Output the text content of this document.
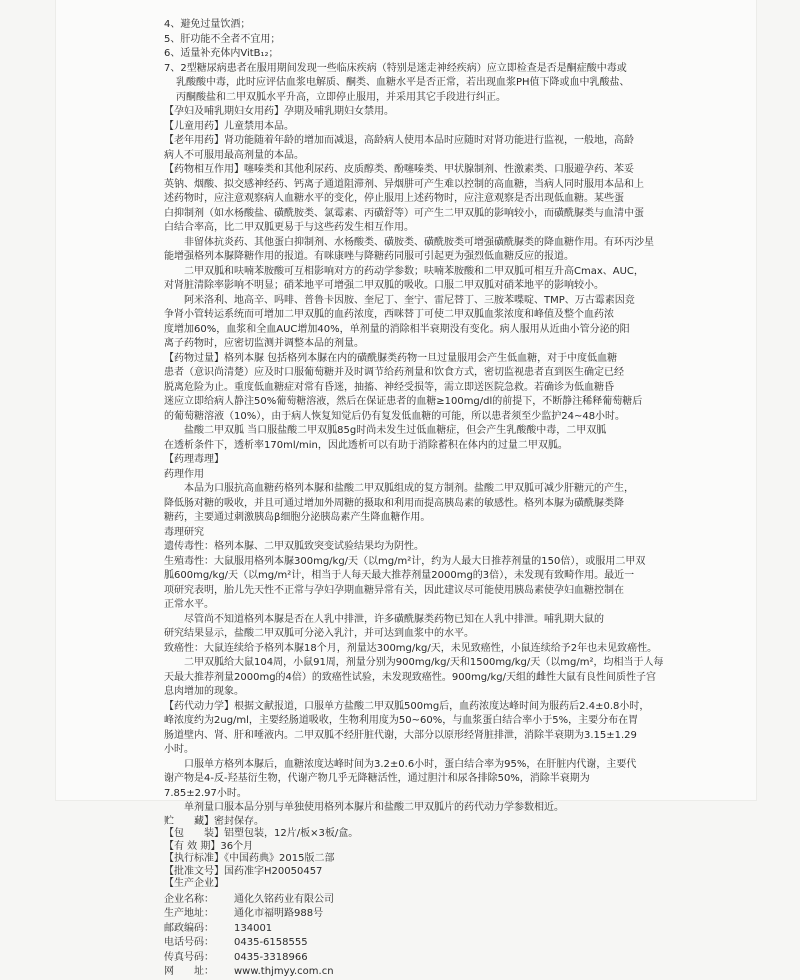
4、避免过量饮酒；
5、肝功能不全者不宜用；
6、适量补充体内VitB₁₂；
7、2型糖尿病患者在服用期间发现一些临床疾病（特别是迷走神经疾病）应立即检查是否是酮症酸中毒或
乳酸酸中毒，此时应评估血浆电解质、酮类、血糖水平是否正常，若出现血浆PH值下降或血中乳酸盐、
丙酮酸盐和二甲双胍水平升高，立即停止服用，并采用其它手段进行纠正。
【孕妇及哺乳期妇女用药】孕期及哺乳期妇女禁用。
【儿童用药】儿童禁用本品。
【老年用药】肾功能随着年龄的增加而减退，高龄病人使用本品时应随时对肾功能进行监视，一般地，高龄
病人不可服用最高剂量的本品。
【药物相互作用】噻嗪类和其他利尿药、皮质醇类、酚噻嗪类、甲状腺制剂、性激素类、口服避孕药、苯妥
英钠、烟酸、拟交感神经药、钙离子通道阻滞剂、异烟肼可产生难以控制的高血糖，当病人同时服用本品和上
述药物时，应注意观察病人血糖水平的变化，停止服用上述药物时，应注意观察是否出现低血糖。某些蛋
白抑制剂（如水杨酸盐、磺酰胺类、氯霉素、丙磺舒等）可产生二甲双胍的影响较小，而磺酰脲类与血清中蛋
白结合率高，比二甲双胍更易于与这些药发生相互作用。
非留体抗炎药、其他蛋白抑制剂、水杨酸类、磺胺类、磺酰胺类可增强磺酰脲类的降血糖作用。有环丙沙星
能增强格列本脲降糖作用的报道。有咪康唑与降糖药同服可引起更为强烈低血糖反应的报道。
二甲双胍和呋喃苯胺酸可互相影响对方的药动学参数；呋喃苯胺酸和二甲双胍可相互升高Cmax、AUC，
对肾脏清除率影响不明显；硝苯地平可增强二甲双胍的吸收。口服二甲双胍对硝苯地平的影响较小。
阿米洛利、地高辛、吗啡、普鲁卡因胺、奎尼丁、奎宁、雷尼替丁、三胺苯喋啶、TMP、万古霉素因竞
争肾小管转运系统而可增加二甲双胍的血药浓度，西咪替丁可使二甲双胍血浆浓度和峰值及整个血药浓
度增加60%，血浆和全血AUC增加40%，单剂量的消除相半衰期没有变化。病人服用从近曲小管分泌的阳
离子药物时，应密切监测并调整本品的剂量。
【药物过量】格列本脲 包括格列本脲在内的磺酰脲类药物一旦过量服用会产生低血糖，对于中度低血糖
患者（意识尚清楚）应及时口服葡萄糖并及时调节给药剂量和饮食方式，密切监视患者直到医生确定已经
脱离危险为止。重度低血糖症对常有昏迷，抽搐、神经受损等，需立即送医院急救。若确诊为低血糖昏
迷应立即给病人静注50%葡萄糖溶液，然后在保证患者的血糖≥100mg/dl的前提下，不断静注稀释葡萄糖后
的葡萄糖溶液（10%），由于病人恢复知觉后仍有复发低血糖的可能，所以患者须至少监护24~48小时。
盐酸二甲双胍 当口服盐酸二甲双胍85g时尚未发生过低血糖症，但会产生乳酸酸中毒，二甲双胍
在透析条件下，透析率170ml/min，因此透析可以有助于消除蓄积在体内的过量二甲双胍。
【药理毒理】
药理作用
本品为口服抗高血糖药格列本脲和盐酸二甲双胍组成的复方制剂。盐酸二甲双胍可减少肝糖元的产生，
降低肠对糖的吸收，并且可通过增加外周糖的摄取和利用而提高胰岛素的敏感性。格列本脲为磺酰脲类降
糖药，主要通过刺激胰岛β细胞分泌胰岛素产生降血糖作用。
毒理研究
遗传毒性：格列本脲、二甲双胍致突变试验结果均为阴性。
生殖毒性：大鼠服用格列本脲300mg/kg/天（以mg/m²计，约为人最大日推荐剂量的150倍），或服用二甲双
胍600mg/kg/天（以mg/m²计，相当于人每天最大推荐剂量2000mg的3倍），未发现有致畸作用。最近一
项研究表明，胎儿先天性不正常与孕妇孕期血糖异常有关，因此建议尽可能使用胰岛素使孕妇血糖控制在
正常水平。
尽管尚不知道格列本脲是否在人乳中排泄，许多磺酰脲类药物已知在人乳中排泄。哺乳期大鼠的
研究结果显示，盐酸二甲双胍可分泌入乳汁，并可达到血浆中的水平。
致癌性：大鼠连续给予格列本脲18个月，剂量达300mg/kg/天，未见致癌性，小鼠连续给予2年也未见致癌性。
二甲双胍给大鼠104周，小鼠91周，剂量分别为900mg/kg/天和1500mg/kg/天（以mg/m²，均相当于人每
天最大推荐剂量2000mg的4倍）的致癌性试验，未发现致癌性。900mg/kg/天组的雌性大鼠有良性间质性子宫
息肉增加的现象。
【药代动力学】根据文献报道，口服单方盐酸二甲双胍500mg后，血药浓度达峰时间为服药后2.4±0.8小时，
峰浓度约为2ug/ml，主要经肠道吸收，生物利用度为50~60%，与血浆蛋白结合率小于5%，主要分布在胃
肠道壁内、肾、肝和唾液内。二甲双胍不经肝脏代谢，大部分以原形经肾脏排泄，消除半衰期为3.15±1.29
小时。
口服单方格列本脲后，血糖浓度达峰时间为3.2±0.6小时，蛋白结合率为95%，在肝脏内代谢，主要代
谢产物是4-反-羟基衍生物，代谢产物几乎无降糖活性，通过胆汁和尿各排除50%，消除半衰期为
7.85±2.97小时。
单剂量口服本品分别与单独使用格列本脲片和盐酸二甲双胍片的药代动力学参数相近。
贮　　藏】密封保存。
【包　　装】铝塑包装，12片/板×3板/盒。
【有 效 期】36个月
【执行标准】《中国药典》2015版二部
【批准文号】国药准字H20050457
【生产企业】
企业名称： 通化久铭药业有限公司
生产地址： 通化市福明路988号
邮政编码： 134001
电话号码： 0435-6158555
传真号码： 0435-3318966
网　　址： www.thjmyy.com.cn
